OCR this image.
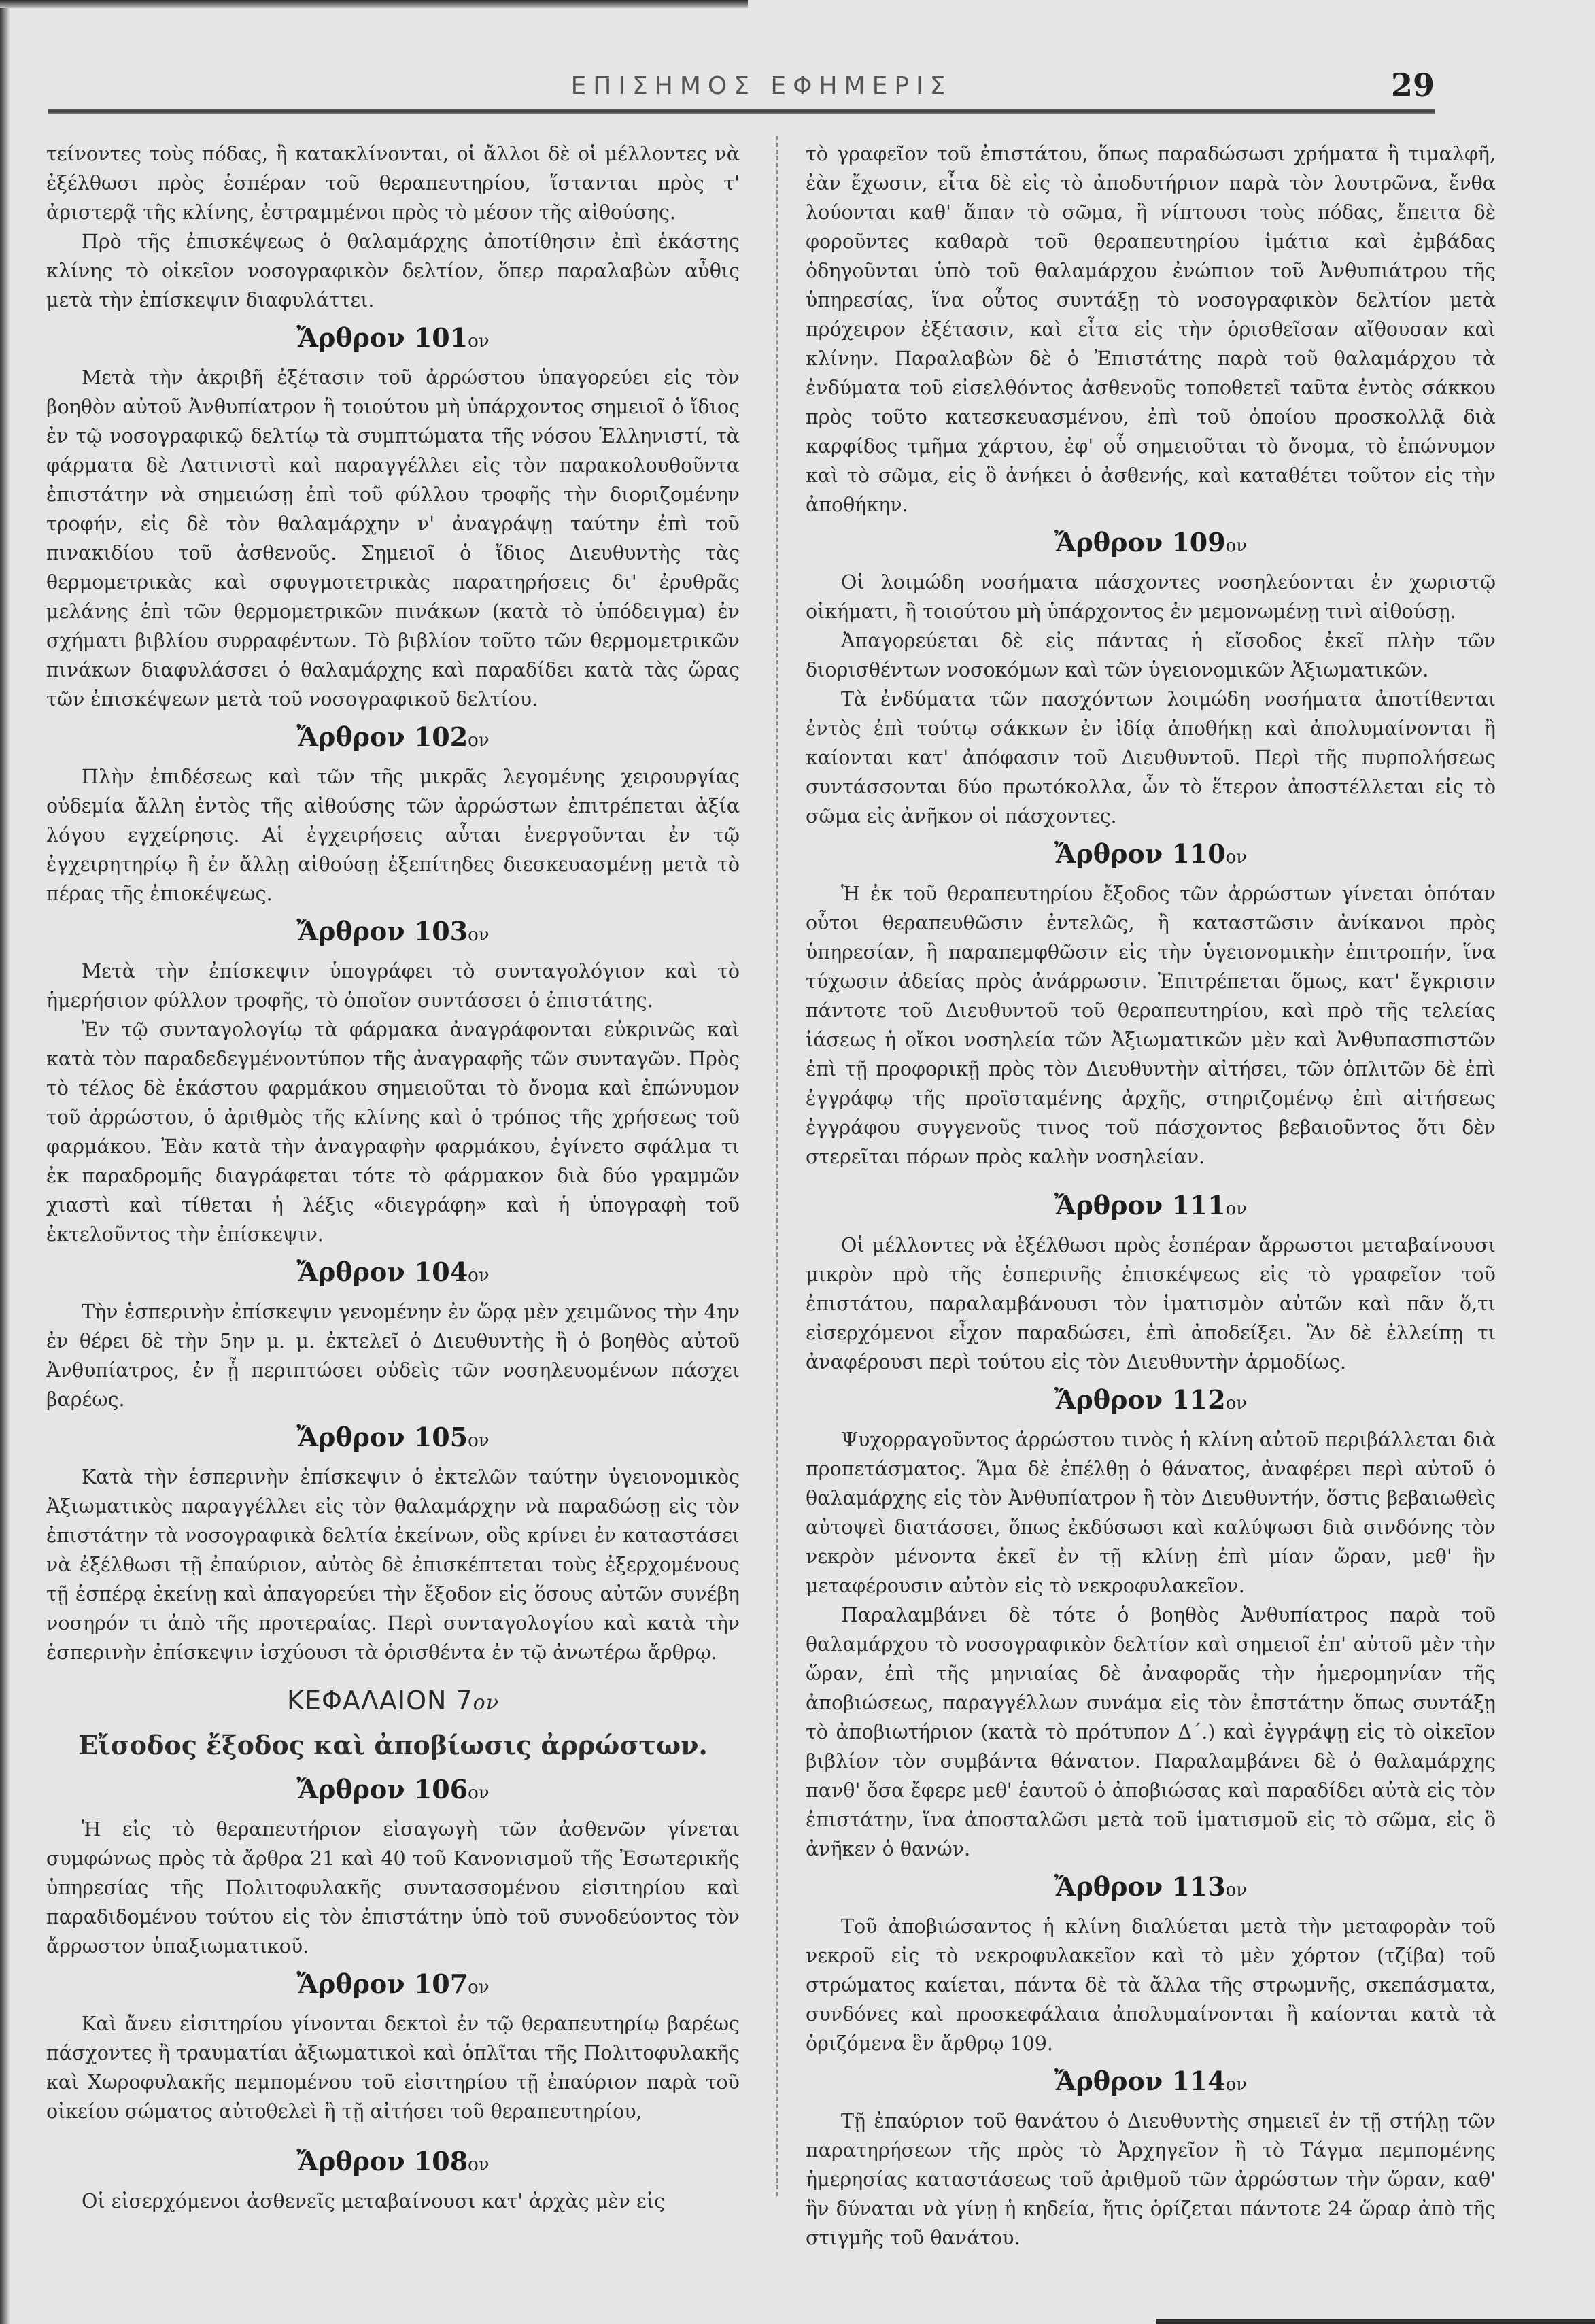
ΕΠΙΣΗΜΟΣ ΕΦΗΜΕΡΙΣ	29

τείνοντες τοὺς πόδας, ἢ κατακλίνονται, οἱ ἄλλοι δὲ οἱ μέλλοντες νὰ ἐξέλθωσι πρὸς ἑσπέραν τοῦ θεραπευτηρίου, ἵστανται πρὸς τ' ἀριστερᾷ τῆς κλίνης, ἐστραμμένοι πρὸς τὸ μέσον τῆς αἰθούσης.

Πρὸ τῆς ἐπισκέψεως ὁ θαλαμάρχης ἀποτίθησιν ἐπὶ ἑκάστης κλίνης τὸ οἰκεῖον νοσογραφικὸν δελτίον, ὅπερ παραλαβὼν αὖθις μετὰ τὴν ἐπίσκεψιν διαφυλάττει.

Ἄρθρον 101ον

Μετὰ τὴν ἀκριβῆ ἐξέτασιν τοῦ ἀρρώστου ὑπαγορεύει εἰς τὸν βοηθὸν αὐτοῦ Ἀνθυπίατρον ἢ τοιούτου μὴ ὑπάρχοντος σημειοῖ ὁ ἴδιος ἐν τῷ νοσογραφικῷ δελτίῳ τὰ συμπτώματα τῆς νόσου Ἑλληνιστί, τὰ φάρματα δὲ Λατινιστὶ καὶ παραγγέλλει εἰς τὸν παρακολουθοῦντα ἐπιστάτην νὰ σημειώσῃ ἐπὶ τοῦ φύλλου τροφῆς τὴν διοριζομένην τροφήν, εἰς δὲ τὸν θαλαμάρχην ν' ἀναγράψῃ ταύτην ἐπὶ τοῦ πινακιδίου τοῦ ἀσθενοῦς. Σημειοῖ ὁ ἴδιος Διευθυντὴς τὰς θερμομετρικὰς καὶ σφυγμοτετρικὰς παρατηρήσεις δι' ἐρυθρᾶς μελάνης ἐπὶ τῶν θερμομετρικῶν πινάκων (κατὰ τὸ ὑπόδειγμα) ἐν σχήματι βιβλίου συρραφέντων. Τὸ βιβλίον τοῦτο τῶν θερμομετρικῶν πινάκων διαφυλάσσει ὁ θαλαμάρχης καὶ παραδίδει κατὰ τὰς ὥρας τῶν ἐπισκέψεων μετὰ τοῦ νοσογραφικοῦ δελτίου.

Ἄρθρον 102ον

Πλὴν ἐπιδέσεως καὶ τῶν τῆς μικρᾶς λεγομένης χειρουργίας οὐδεμία ἄλλη ἐντὸς τῆς αἰθούσης τῶν ἀρρώστων ἐπιτρέπεται ἀξία λόγου εγχείρησις. Αἱ ἐγχειρήσεις αὗται ἐνεργοῦνται ἐν τῷ ἐγχειρητηρίῳ ἢ ἐν ἄλλῃ αἰθούσῃ ἐξεπίτηδες διεσκευασμένῃ μετὰ τὸ πέρας τῆς ἐπιοκέψεως.

Ἄρθρον 103ον

Μετὰ τὴν ἐπίσκεψιν ὑπογράφει τὸ συνταγολόγιον καὶ τὸ ἡμερήσιον φύλλον τροφῆς, τὸ ὁποῖον συντάσσει ὁ ἐπιστάτης.

Ἐν τῷ συνταγολογίῳ τὰ φάρμακα ἀναγράφονται εὐκρινῶς καὶ κατὰ τὸν παραδεδεγμένοντύπον τῆς ἀναγραφῆς τῶν συνταγῶν. Πρὸς τὸ τέλος δὲ ἑκάστου φαρμάκου σημειοῦται τὸ ὄνομα καὶ ἐπώνυμον τοῦ ἀρρώστου, ὁ ἀριθμὸς τῆς κλίνης καὶ ὁ τρόπος τῆς χρήσεως τοῦ φαρμάκου. Ἐὰν κατὰ τὴν ἀναγραφὴν φαρμάκου, ἐγίνετο σφάλμα τι ἐκ παραδρομῆς διαγράφεται τότε τὸ φάρμακον διὰ δύο γραμμῶν χιαστὶ καὶ τίθεται ἡ λέξις «διεγράφη» καὶ ἡ ὑπογραφὴ τοῦ ἐκτελοῦντος τὴν ἐπίσκεψιν.

Ἄρθρον 104ον

Τὴν ἑσπερινὴν ἐπίσκεψιν γενομένην ἐν ὥρᾳ μὲν χειμῶνος τὴν 4ην ἐν θέρει δὲ τὴν 5ην μ. μ. ἐκτελεῖ ὁ Διευθυντὴς ἢ ὁ βοηθὸς αὐτοῦ Ἀνθυπίατρος, ἐν ᾗ περιπτώσει οὐδεὶς τῶν νοσηλευομένων πάσχει βαρέως.

Ἄρθρον 105ον

Κατὰ τὴν ἑσπερινὴν ἐπίσκεψιν ὁ ἐκτελῶν ταύτην ὑγειονομικὸς Ἀξιωματικὸς παραγγέλλει εἰς τὸν θαλαμάρχην νὰ παραδώσῃ εἰς τὸν ἐπιστάτην τὰ νοσογραφικὰ δελτία ἐκείνων, οὓς κρίνει ἐν καταστάσει νὰ ἐξέλθωσι τῇ ἐπαύριον, αὐτὸς δὲ ἐπισκέπτεται τοὺς ἐξερχομένους τῇ ἑσπέρᾳ ἐκείνῃ καὶ ἀπαγορεύει τὴν ἔξοδον εἰς ὅσους αὐτῶν συνέβη νοσηρόν τι ἀπὸ τῆς προτεραίας. Περὶ συνταγολογίου καὶ κατὰ τὴν ἑσπερινὴν ἐπίσκεψιν ἰσχύουσι τὰ ὁρισθέντα ἐν τῷ ἀνωτέρω ἄρθρῳ.

ΚΕΦΑΛΑΙΟΝ 7ον
Εἴσοδος ἔξοδος καὶ ἀποβίωσις ἀρρώστων.
Ἄρθρον 106ον

Ἡ εἰς τὸ θεραπευτήριον εἰσαγωγὴ τῶν ἀσθενῶν γίνεται συμφώνως πρὸς τὰ ἄρθρα 21 καὶ 40 τοῦ Κανονισμοῦ τῆς Ἐσωτερικῆς ὑπηρεσίας τῆς Πολιτοφυλακῆς συντασσομένου εἰσιτηρίου καὶ παραδιδομένου τούτου εἰς τὸν ἐπιστάτην ὑπὸ τοῦ συνοδεύοντος τὸν ἄρρωστον ὑπαξιωματικοῦ.

Ἄρθρον 107ον

Καὶ ἄνευ εἰσιτηρίου γίνονται δεκτοὶ ἐν τῷ θεραπευτηρίῳ βαρέως πάσχοντες ἢ τραυματίαι ἀξιωματικοὶ καὶ ὁπλῖται τῆς Πολιτοφυλακῆς καὶ Χωροφυλακῆς πεμπομένου τοῦ εἰσιτηρίου τῇ ἐπαύριον παρὰ τοῦ οἰκείου σώματος αὐτοθελεὶ ἢ τῇ αἰτήσει τοῦ θεραπευτηρίου,

Ἄρθρον 108ον

Οἱ εἰσερχόμενοι ἀσθενεῖς μεταβαίνουσι κατ' ἀρχὰς μὲν εἰς

τὸ γραφεῖον τοῦ ἐπιστάτου, ὅπως παραδώσωσι χρήματα ἢ τιμαλφῆ, ἐὰν ἔχωσιν, εἶτα δὲ εἰς τὸ ἀποδυτήριον παρὰ τὸν λουτρῶνα, ἔνθα λούονται καθ' ἅπαν τὸ σῶμα, ἢ νίπτουσι τοὺς πόδας, ἔπειτα δὲ φοροῦντες καθαρὰ τοῦ θεραπευτηρίου ἱμάτια καὶ ἐμβάδας ὁδηγοῦνται ὑπὸ τοῦ θαλαμάρχου ἐνώπιον τοῦ Ἀνθυπιάτρου τῆς ὑπηρεσίας, ἵνα οὗτος συντάξῃ τὸ νοσογραφικὸν δελτίον μετὰ πρόχειρον ἐξέτασιν, καὶ εἶτα εἰς τὴν ὁρισθεῖσαν αἴθουσαν καὶ κλίνην. Παραλαβὼν δὲ ὁ Ἐπιστάτης παρὰ τοῦ θαλαμάρχου τὰ ἐνδύματα τοῦ εἰσελθόντος ἀσθενοῦς τοποθετεῖ ταῦτα ἐντὸς σάκκου πρὸς τοῦτο κατεσκευασμένου, ἐπὶ τοῦ ὁποίου προσκολλᾷ διὰ καρφίδος τμῆμα χάρτου, ἐφ' οὗ σημειοῦται τὸ ὄνομα, τὸ ἐπώνυμον καὶ τὸ σῶμα, εἰς ὃ ἀνήκει ὁ ἀσθενής, καὶ καταθέτει τοῦτον εἰς τὴν ἀποθήκην.

Ἄρθρον 109ον

Οἱ λοιμώδη νοσήματα πάσχοντες νοσηλεύονται ἐν χωριστῷ οἰκήματι, ἢ τοιούτου μὴ ὑπάρχοντος ἐν μεμονωμένῃ τινὶ αἰθούσῃ.

Ἀπαγορεύεται δὲ εἰς πάντας ἡ εἴσοδος ἐκεῖ πλὴν τῶν διορισθέντων νοσοκόμων καὶ τῶν ὑγειονομικῶν Ἀξιωματικῶν.

Τὰ ἐνδύματα τῶν πασχόντων λοιμώδη νοσήματα ἀποτίθενται ἐντὸς ἐπὶ τούτῳ σάκκων ἐν ἰδίᾳ ἀποθήκῃ καὶ ἀπολυμαίνονται ἢ καίονται κατ' ἀπόφασιν τοῦ Διευθυντοῦ. Περὶ τῆς πυρπολήσεως συντάσσονται δύο πρωτόκολλα, ὧν τὸ ἕτερον ἀποστέλλεται εἰς τὸ σῶμα εἰς ἀνῆκον οἱ πάσχοντες.

Ἄρθρον 110ον

Ἡ ἐκ τοῦ θεραπευτηρίου ἔξοδος τῶν ἀρρώστων γίνεται ὁπόταν οὗτοι θεραπευθῶσιν ἐντελῶς, ἢ καταστῶσιν ἀνίκανοι πρὸς ὑπηρεσίαν, ἢ παραπεμφθῶσιν εἰς τὴν ὑγειονομικὴν ἐπιτροπήν, ἵνα τύχωσιν ἀδείας πρὸς ἀνάρρωσιν. Ἐπιτρέπεται ὅμως, κατ' ἔγκρισιν πάντοτε τοῦ Διευθυντοῦ τοῦ θεραπευτηρίου, καὶ πρὸ τῆς τελείας ἰάσεως ἡ οἴκοι νοσηλεία τῶν Ἀξιωματικῶν μὲν καὶ Ἀνθυπασπιστῶν ἐπὶ τῇ προφορικῇ πρὸς τὸν Διευθυντὴν αἰτήσει, τῶν ὁπλιτῶν δὲ ἐπὶ ἐγγράφῳ τῆς προϊσταμένης ἀρχῆς, στηριζομένῳ ἐπὶ αἰτήσεως ἐγγράφου συγγενοῦς τινος τοῦ πάσχοντος βεβαιοῦντος ὅτι δὲν στερεῖται πόρων πρὸς καλὴν νοσηλείαν.

Ἄρθρον 111ον

Οἱ μέλλοντες νὰ ἐξέλθωσι πρὸς ἑσπέραν ἄρρωστοι μεταβαίνουσι μικρὸν πρὸ τῆς ἑσπερινῆς ἐπισκέψεως εἰς τὸ γραφεῖον τοῦ ἐπιστάτου, παραλαμβάνουσι τὸν ἱματισμὸν αὐτῶν καὶ πᾶν ὅ,τι εἰσερχόμενοι εἶχον παραδώσει, ἐπὶ ἀποδείξει. Ἂν δὲ ἐλλείπῃ τι ἀναφέρουσι περὶ τούτου εἰς τὸν Διευθυντὴν ἁρμοδίως.

Ἄρθρον 112ον

Ψυχορραγοῦντος ἀρρώστου τινὸς ἡ κλίνη αὐτοῦ περιβάλλεται διὰ προπετάσματος. Ἅμα δὲ ἐπέλθῃ ὁ θάνατος, ἀναφέρει περὶ αὐτοῦ ὁ θαλαμάρχης εἰς τὸν Ἀνθυπίατρον ἢ τὸν Διευθυντήν, ὅστις βεβαιωθεὶς αὐτοψεὶ διατάσσει, ὅπως ἐκδύσωσι καὶ καλύψωσι διὰ σινδόνης τὸν νεκρὸν μένοντα ἐκεῖ ἐν τῇ κλίνῃ ἐπὶ μίαν ὥραν, μεθ' ἣν μεταφέρουσιν αὐτὸν εἰς τὸ νεκροφυλακεῖον.

Παραλαμβάνει δὲ τότε ὁ βοηθὸς Ἀνθυπίατρος παρὰ τοῦ θαλαμάρχου τὸ νοσογραφικὸν δελτίον καὶ σημειοῖ ἐπ' αὐτοῦ μὲν τὴν ὥραν, ἐπὶ τῆς μηνιαίας δὲ ἀναφορᾶς τὴν ἡμερομηνίαν τῆς ἀποβιώσεως, παραγγέλλων συνάμα εἰς τὸν ἐπστάτην ὅπως συντάξῃ τὸ ἀποβιωτήριον (κατὰ τὸ πρότυπον Δ΄.) καὶ ἐγγράψῃ εἰς τὸ οἰκεῖον βιβλίον τὸν συμβάντα θάνατον. Παραλαμβάνει δὲ ὁ θαλαμάρχης πανθ' ὅσα ἔφερε μεθ' ἑαυτοῦ ὁ ἀποβιώσας καὶ παραδίδει αὐτὰ εἰς τὸν ἐπιστάτην, ἵνα ἀποσταλῶσι μετὰ τοῦ ἱματισμοῦ εἰς τὸ σῶμα, εἰς ὃ ἀνῆκεν ὁ θανών.

Ἄρθρον 113ον

Τοῦ ἀποβιώσαντος ἡ κλίνη διαλύεται μετὰ τὴν μεταφορὰν τοῦ νεκροῦ εἰς τὸ νεκροφυλακεῖον καὶ τὸ μὲν χόρτον (τζίβα) τοῦ στρώματος καίεται, πάντα δὲ τὰ ἄλλα τῆς στρωμνῆς, σκεπάσματα, συνδόνες καὶ προσκεφάλαια ἀπολυμαίνονται ἢ καίονται κατὰ τὰ ὁριζόμενα ἓν ἄρθρῳ 109.

Ἄρθρον 114ον

Τῇ ἐπαύριον τοῦ θανάτου ὁ Διευθυντὴς σημειεῖ ἐν τῇ στήλῃ τῶν παρατηρήσεων τῆς πρὸς τὸ Ἀρχηγεῖον ἢ τὸ Τάγμα πεμπομένης ἡμερησίας καταστάσεως τοῦ ἀριθμοῦ τῶν ἀρρώστων τὴν ὥραν, καθ' ἣν δύναται νὰ γίνῃ ἡ κηδεία, ἥτις ὁρίζεται πάντοτε 24 ὥραρ ἀπὸ τῆς στιγμῆς τοῦ θανάτου.
